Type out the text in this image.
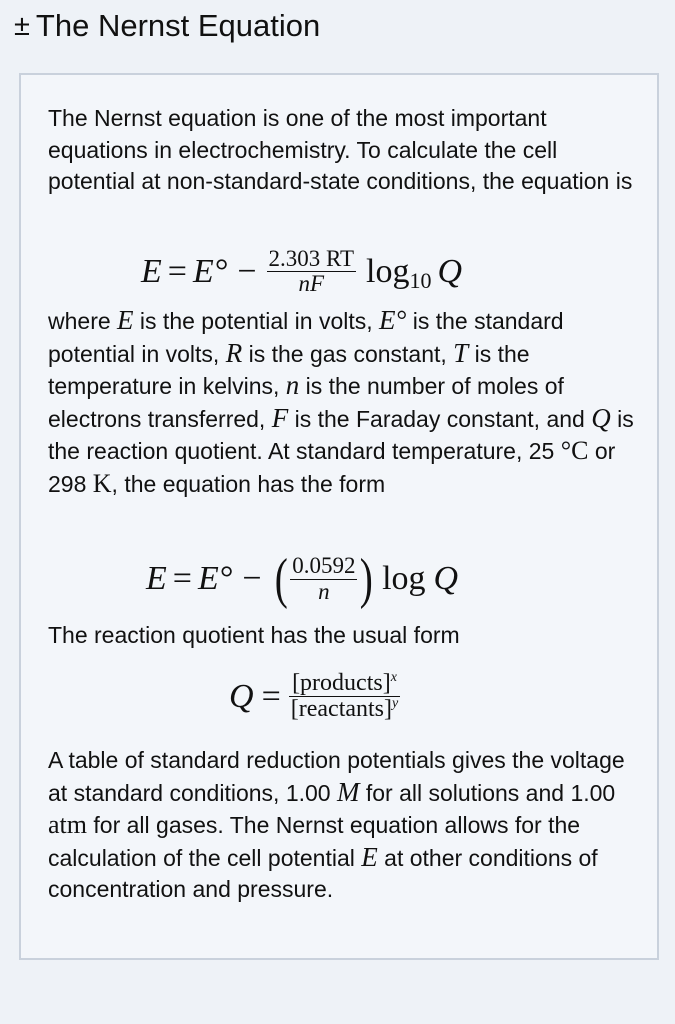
± The Nernst Equation
The Nernst equation is one of the most important equations in electrochemistry. To calculate the cell potential at non-standard-state conditions, the equation is
$E = E^\circ - \frac{2.303 RT}{nF}$ log 10 Q
where E is the potential in volts, E° is the standard potential in volts, R is the gas constant, T is the temperature in kelvins, n is the number of moles of electrons transferred, F is the Faraday constant, and Q is the reaction quotient. At standard temperature, 25 °C or 298 K, the equation has the form
E = E° − ( $\frac{0.0592}{n}$ ) log Q
The reaction quotient has the usual form
$Q = \frac{[products]^x}{[reactants]^y}$
A table of standard reduction potentials gives the voltage at standard conditions, 1.00 M for all solutions and 1.00 atm for all gases. The Nernst equation allows for the calculation of the cell potential E at other conditions of concentration and pressure.
